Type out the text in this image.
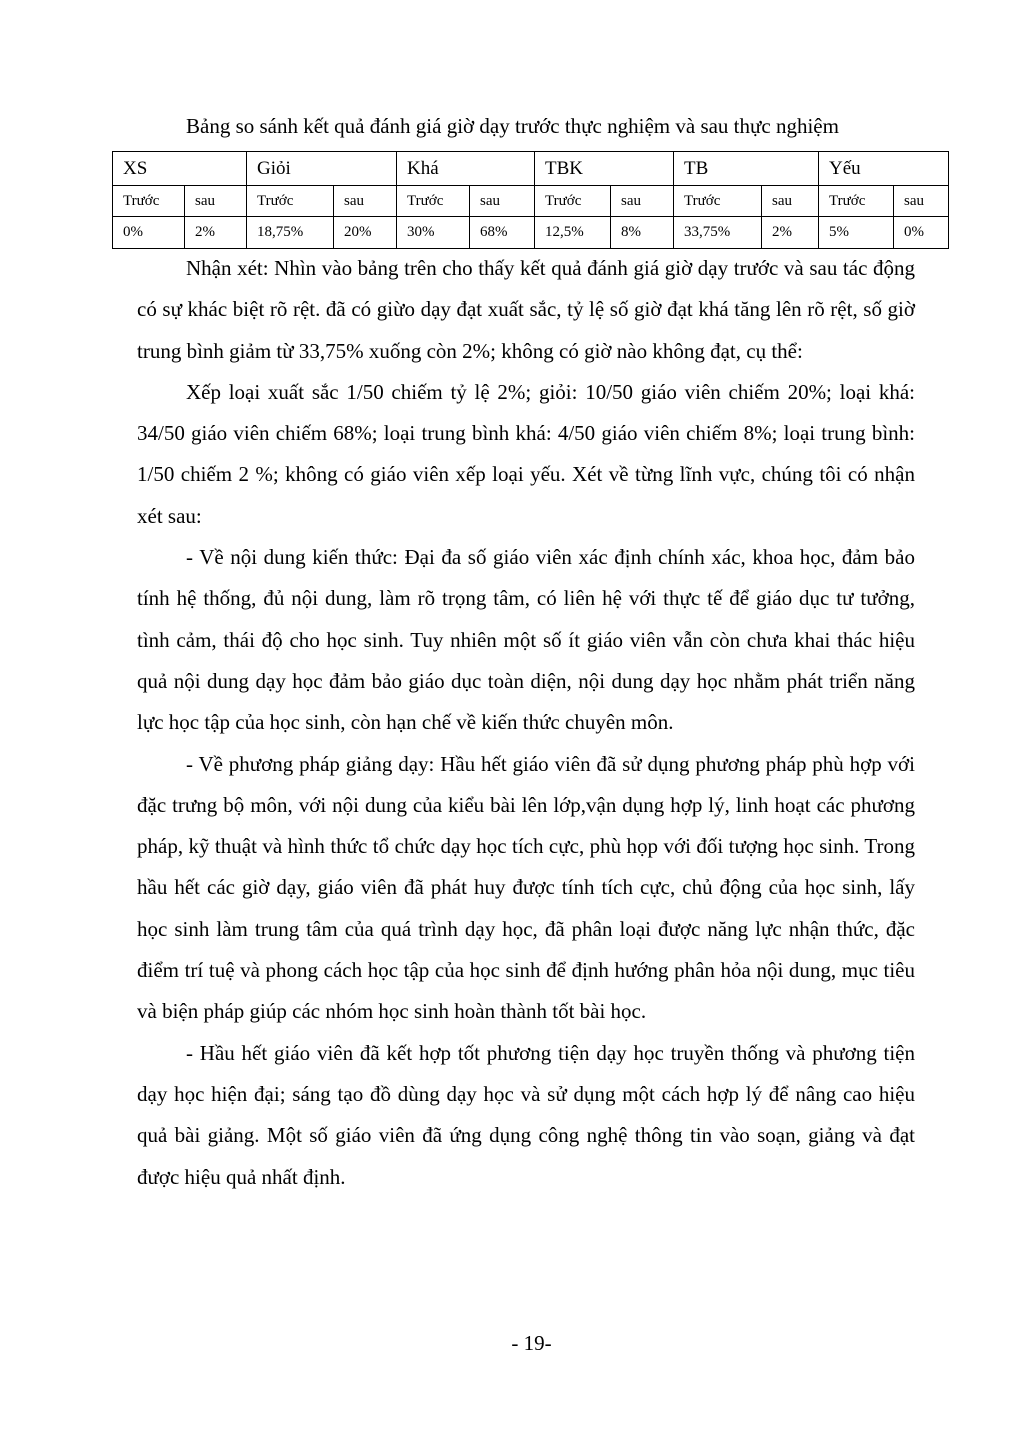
Bảng so sánh kết quả đánh giá giờ dạy trước thực nghiệm và sau thực nghiệm
XS		Giỏi		Khá		TBK		TB		Yếu	
Trước	sau	Trước	sau	Trước	sau	Trước	sau	Trước	sau	Trước	sau
0%	2%	18,75%	20%	30%	68%	12,5%	8%	33,75%	2%	5%	0%

Nhận xét: Nhìn vào bảng trên cho thấy kết quả đánh giá giờ dạy trước và sau tác động có sự khác biệt rõ rệt. đã có giừo dạy đạt xuất sắc, tỷ lệ số giờ đạt khá tăng lên rõ rệt, số giờ trung bình giảm từ 33,75% xuống còn 2%; không có giờ nào không đạt, cụ thể:

Xếp loại xuất sắc 1/50 chiếm tỷ lệ 2%; giỏi: 10/50 giáo viên chiếm 20%; loại khá: 34/50 giáo viên chiếm 68%; loại trung bình khá: 4/50 giáo viên chiếm 8%; loại trung bình: 1/50 chiếm 2 %; không có giáo viên xếp loại yếu. Xét về từng lĩnh vực, chúng tôi có nhận xét sau:

- Về nội dung kiến thức: Đại đa số giáo viên xác định chính xác, khoa học, đảm bảo tính hệ thống, đủ nội dung, làm rõ trọng tâm, có liên hệ với thực tế để giáo dục tư tưởng, tình cảm, thái độ cho học sinh. Tuy nhiên một số ít giáo viên vẫn còn chưa khai thác hiệu quả nội dung dạy học đảm bảo giáo dục toàn diện, nội dung dạy học nhằm phát triển năng lực học tập của học sinh, còn hạn chế về kiến thức chuyên môn.

- Về phương pháp giảng dạy: Hầu hết giáo viên đã sử dụng phương pháp phù hợp với đặc trưng bộ môn, với nội dung của kiểu bài lên lớp,vận dụng hợp lý, linh hoạt các phương pháp, kỹ thuật và hình thức tổ chức dạy học tích cực, phù họp với đối tượng học sinh. Trong hầu hết các giờ dạy, giáo viên đã phát huy được tính tích cực, chủ động của học sinh, lấy học sinh làm trung tâm của quá trình dạy học, đã phân loại được năng lực nhận thức, đặc điểm trí tuệ và phong cách học tập của học sinh để định hướng phân hỏa nội dung, mục tiêu và biện pháp giúp các nhóm học sinh hoàn thành tốt bài học.

- Hầu hết giáo viên đã kết hợp tốt phương tiện dạy học truyền thống và phương tiện dạy học hiện đại; sáng tạo đồ dùng dạy học và sử dụng một cách hợp lý để nâng cao hiệu quả bài giảng. Một số giáo viên đã ứng dụng công nghệ thông tin vào soạn, giảng và đạt được hiệu quả nhất định.

- 19-
